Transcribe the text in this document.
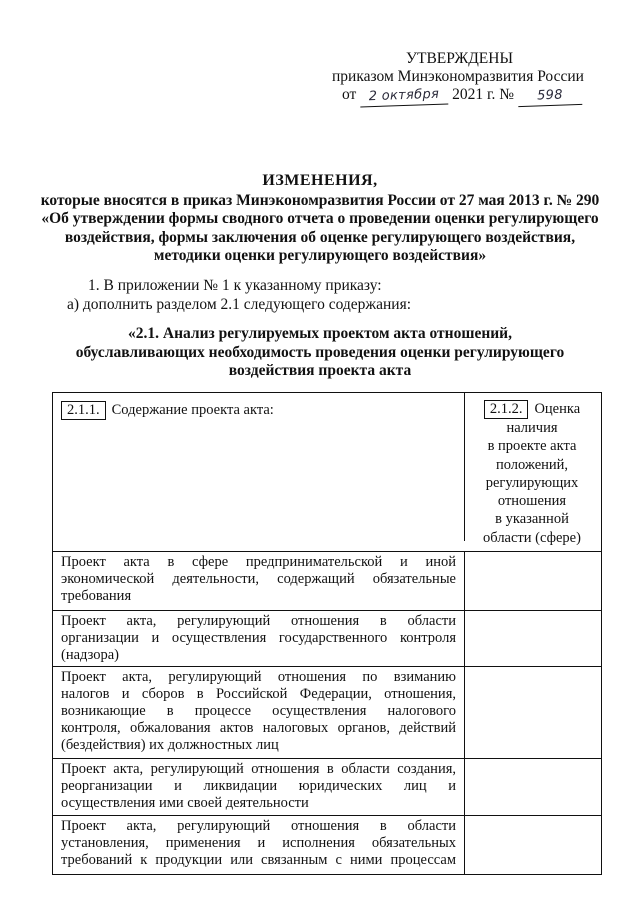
УТВЕРЖДЕНЫ
приказом Минэкономразвития России
от 2 октября 2021 г. № 598
ИЗМЕНЕНИЯ,
которые вносятся в приказ Минэкономразвития России от 27 мая 2013 г. № 290
«Об утверждении формы сводного отчета о проведении оценки регулирующего
воздействия, формы заключения об оценке регулирующего воздействия,
методики оценки регулирующего воздействия»
1. В приложении № 1 к указанному приказу:
а) дополнить разделом 2.1 следующего содержания:
«2.1. Анализ регулируемых проектом акта отношений,
обуславливающих необходимость проведения оценки регулирующего
воздействия проекта акта
2.1.1. Содержание проекта акта:	2.1.2. Оценка
наличия
в проекте акта
положений,
регулирующих
отношения
в указанной
области (сфере)
Проект акта в сфере предпринимательской и иной
экономической деятельности, содержащий обязательные
требования
Проект акта, регулирующий отношения в области
организации и осуществления государственного контроля
(надзора)
Проект акта, регулирующий отношения по взиманию
налогов и сборов в Российской Федерации, отношения,
возникающие в процессе осуществления налогового
контроля, обжалования актов налоговых органов, действий
(бездействия) их должностных лиц
Проект акта, регулирующий отношения в области создания,
реорганизации и ликвидации юридических лиц и
осуществления ими своей деятельности
Проект акта, регулирующий отношения в области
установления, применения и исполнения обязательных
требований к продукции или связанным с ними процессам
